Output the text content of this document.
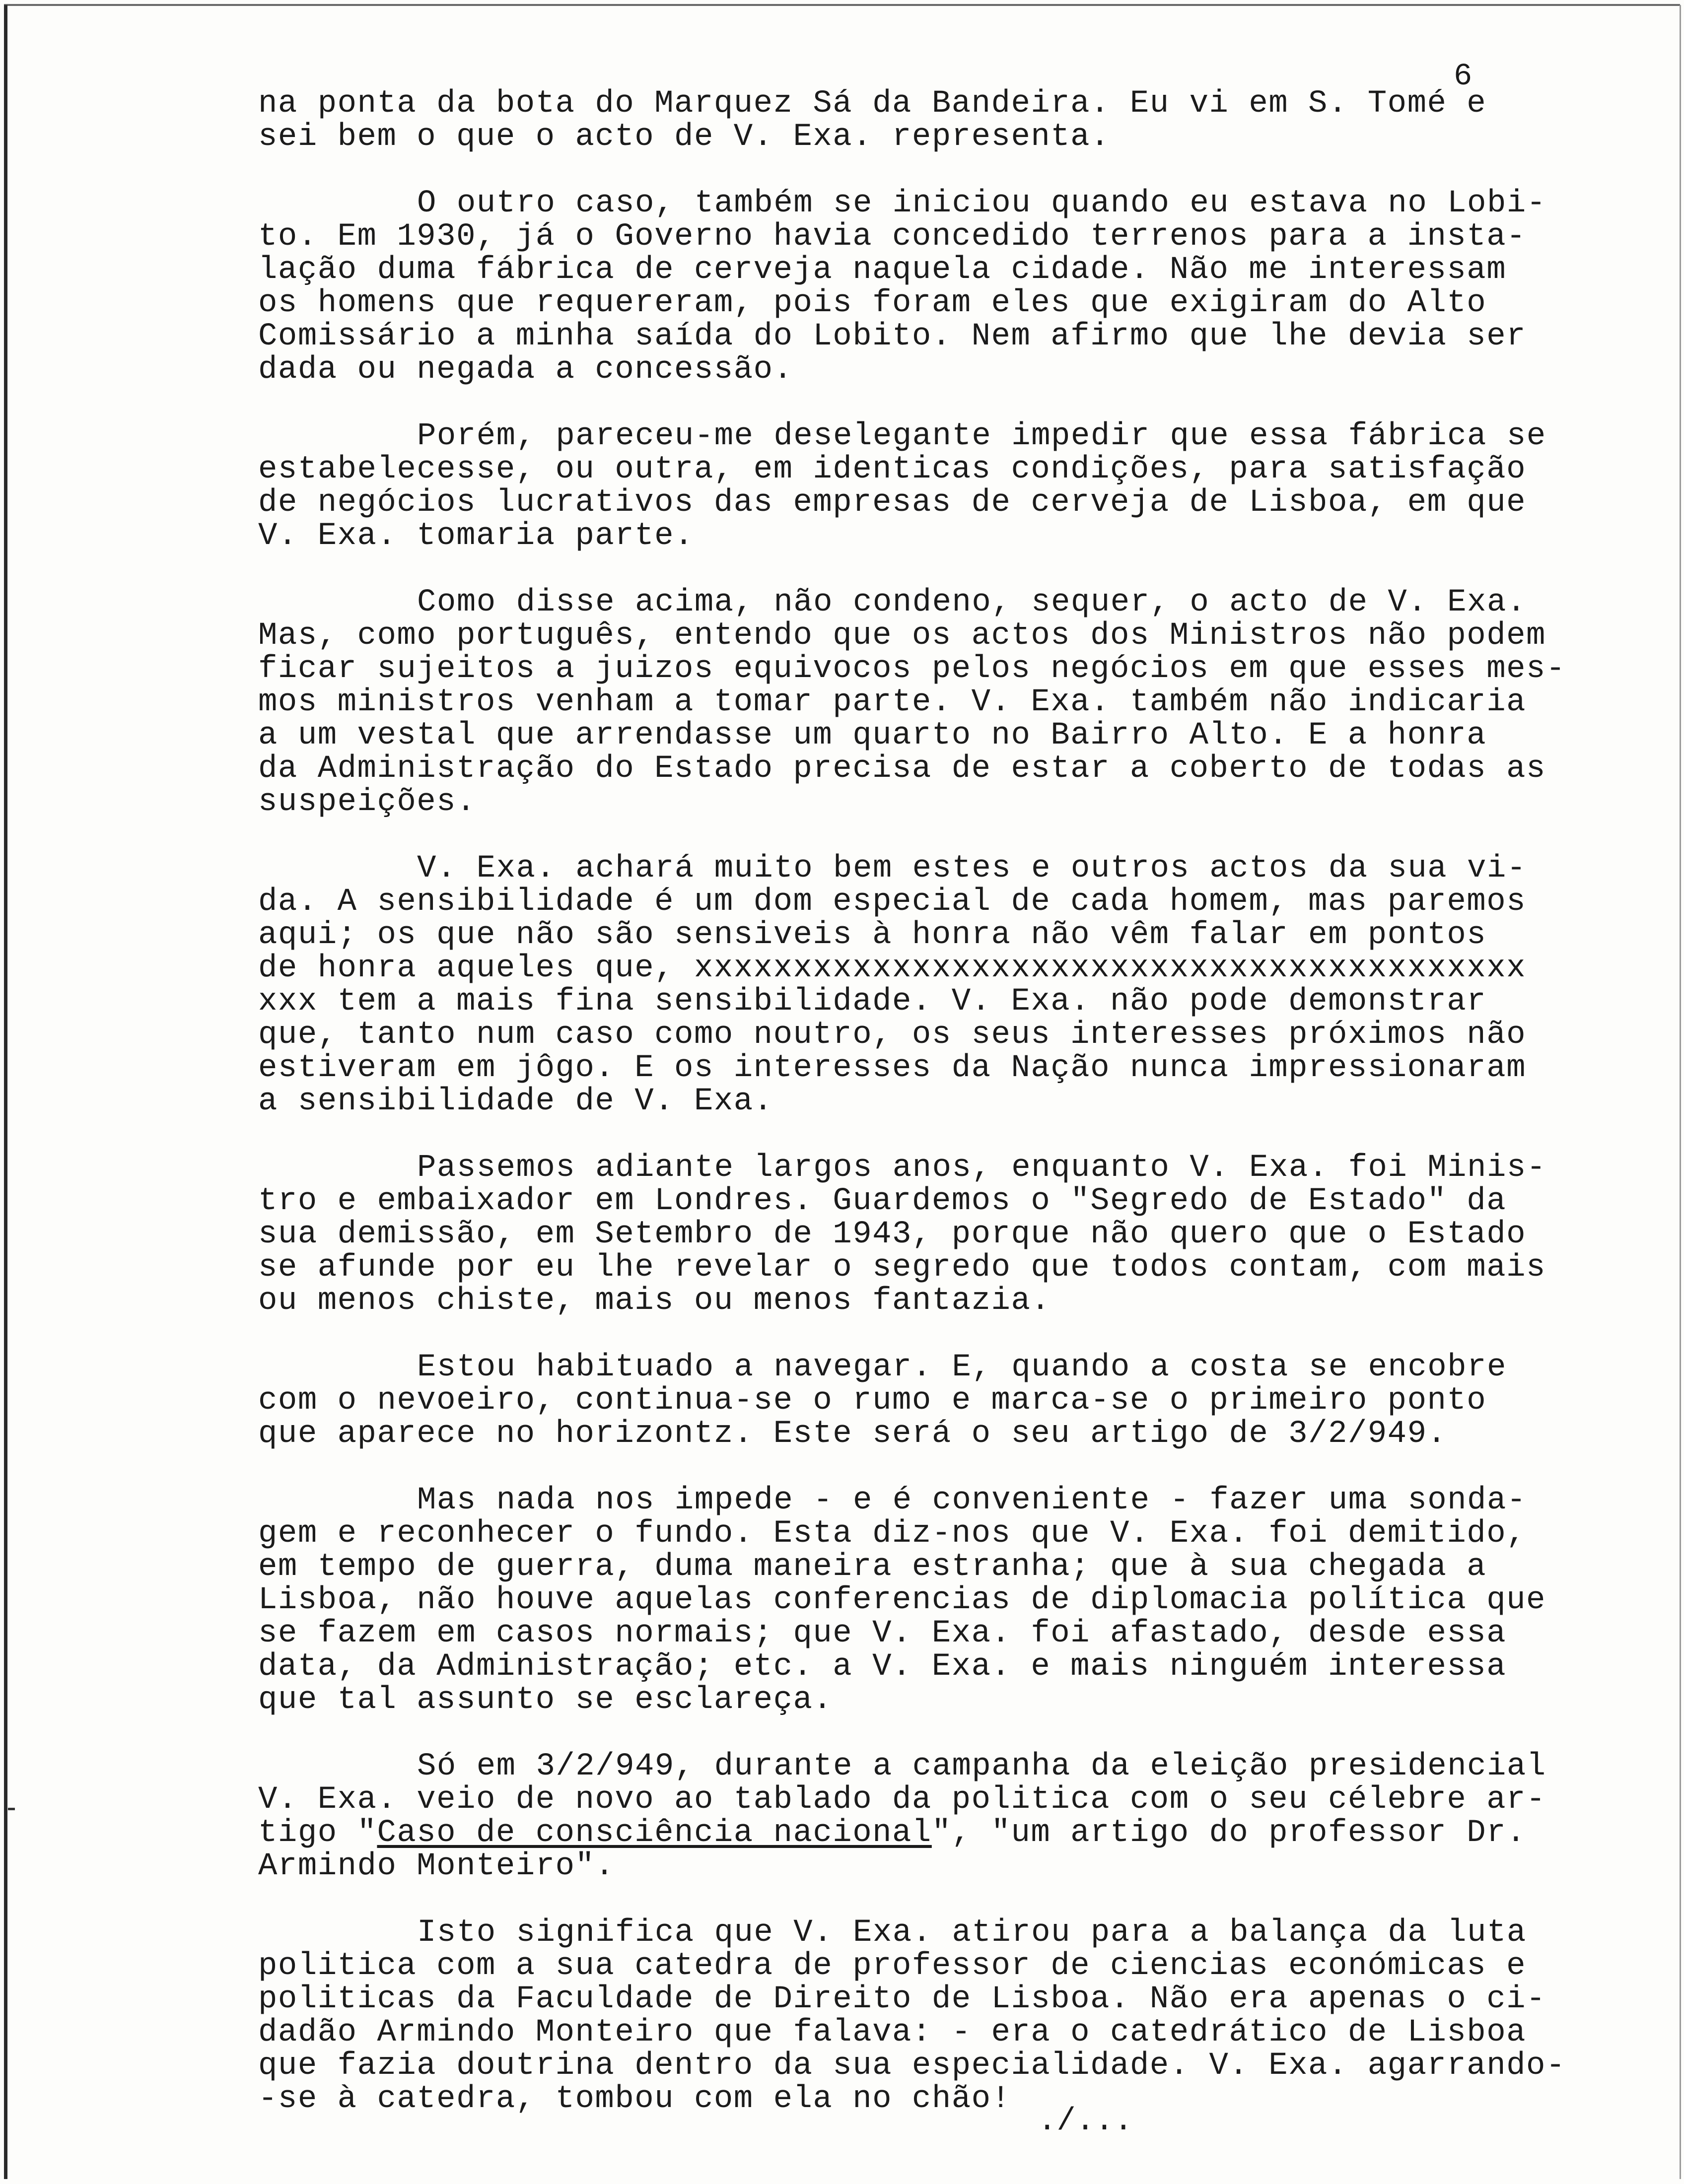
6

na ponta da bota do Marquez Sá da Bandeira. Eu vi em S. Tomé e
sei bem o que o acto de V. Exa. representa.
O outro caso, também se iniciou quando eu estava no Lobi-
to. Em 1930, já o Governo havia concedido terrenos para a insta-
lação duma fábrica de cerveja naquela cidade. Não me interessam
os homens que requereram, pois foram eles que exigiram do Alto
Comissário a minha saída do Lobito. Nem afirmo que lhe devia ser
dada ou negada a concessão.
Porém, pareceu-me deselegante impedir que essa fábrica se
estabelecesse, ou outra, em identicas condições, para satisfação
de negócios lucrativos das empresas de cerveja de Lisboa, em que
V. Exa. tomaria parte.
Como disse acima, não condeno, sequer, o acto de V. Exa.
Mas, como português, entendo que os actos dos Ministros não podem
ficar sujeitos a juizos equivocos pelos negócios em que esses mes-
mos ministros venham a tomar parte. V. Exa. também não indicaria
a um vestal que arrendasse um quarto no Bairro Alto. E a honra
da Administração do Estado precisa de estar a coberto de todas as
suspeições.
V. Exa. achará muito bem estes e outros actos da sua vi-
da. A sensibilidade é um dom especial de cada homem, mas paremos
aqui; os que não são sensiveis à honra não vêm falar em pontos
de honra aqueles que, xxxxxxxxxxxxxxxxxxxxxxxxxxxxxxxxxxxxxxxxxx
xxx tem a mais fina sensibilidade. V. Exa. não pode demonstrar
que, tanto num caso como noutro, os seus interesses próximos não
estiveram em jôgo. E os interesses da Nação nunca impressionaram
a sensibilidade de V. Exa.
Passemos adiante largos anos, enquanto V. Exa. foi Minis-
tro e embaixador em Londres. Guardemos o "Segredo de Estado" da
sua demissão, em Setembro de 1943, porque não quero que o Estado
se afunde por eu lhe revelar o segredo que todos contam, com mais
ou menos chiste, mais ou menos fantazia.
Estou habituado a navegar. E, quando a costa se encobre
com o nevoeiro, continua-se o rumo e marca-se o primeiro ponto
que aparece no horizontz. Este será o seu artigo de 3/2/949.
Mas nada nos impede - e é conveniente - fazer uma sonda-
gem e reconhecer o fundo. Esta diz-nos que V. Exa. foi demitido,
em tempo de guerra, duma maneira estranha; que à sua chegada a
Lisboa, não houve aquelas conferencias de diplomacia política que
se fazem em casos normais; que V. Exa. foi afastado, desde essa
data, da Administração; etc. a V. Exa. e mais ninguém interessa
que tal assunto se esclareça.
Só em 3/2/949, durante a campanha da eleição presidencial
V. Exa. veio de novo ao tablado da politica com o seu célebre ar-
tigo "Caso de consciência nacional", "um artigo do professor Dr.
Armindo Monteiro".
Isto significa que V. Exa. atirou para a balança da luta
politica com a sua catedra de professor de ciencias económicas e
politicas da Faculdade de Direito de Lisboa. Não era apenas o ci-
dadão Armindo Monteiro que falava: - era o catedrático de Lisboa
que fazia doutrina dentro da sua especialidade. V. Exa. agarrando-
-se à catedra, tombou com ela no chão!

./...
